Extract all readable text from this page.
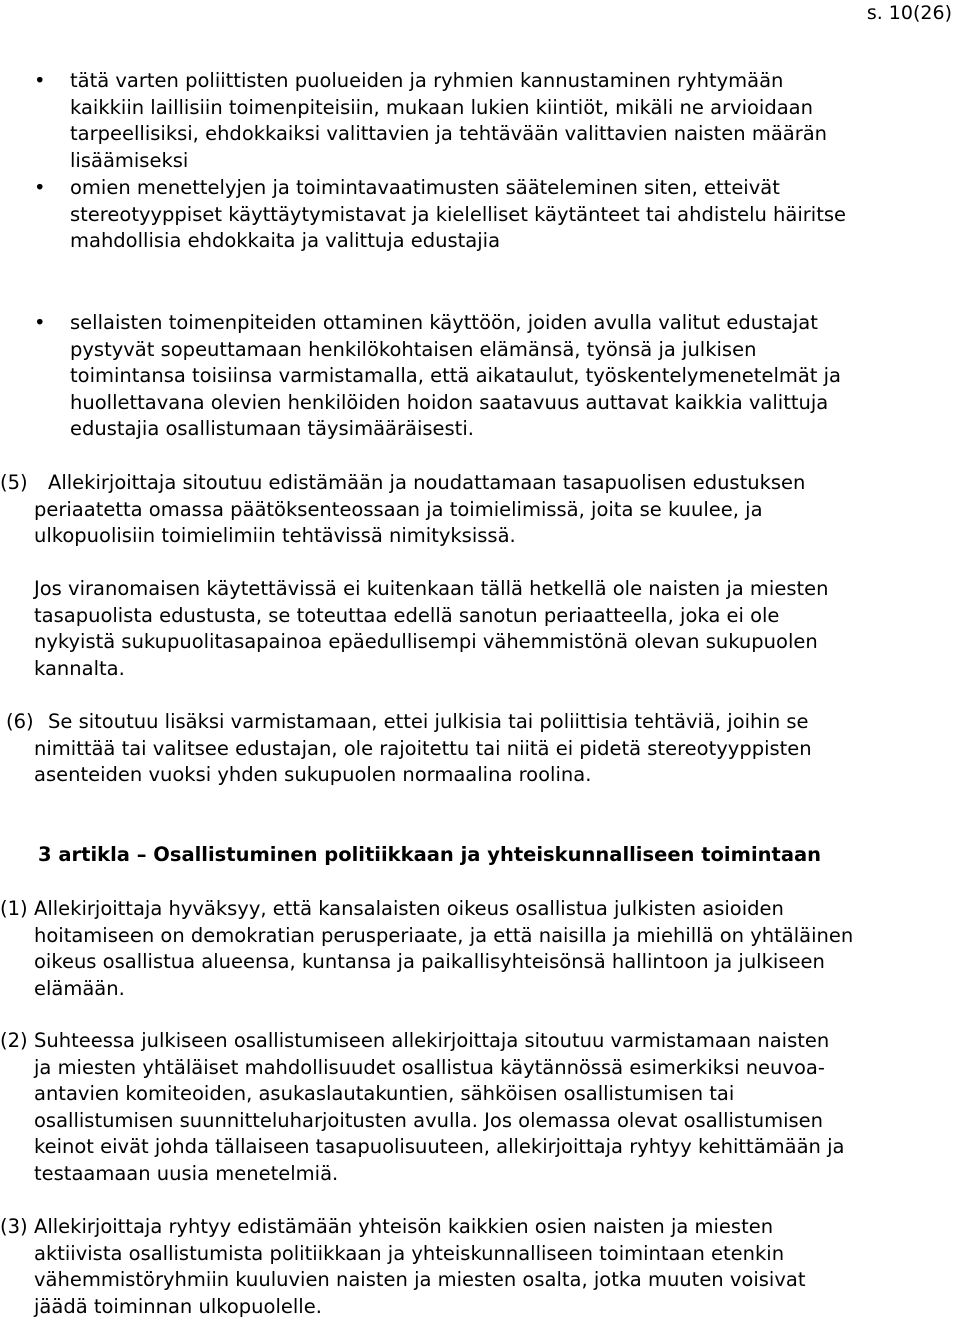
s. 10(26)
• tätä varten poliittisten puolueiden ja ryhmien kannustaminen ryhtymään
kaikkiin laillisiin toimenpiteisiin, mukaan lukien kiintiöt, mikäli ne arvioidaan
tarpeellisiksi, ehdokkaiksi valittavien ja tehtävään valittavien naisten määrän
lisäämiseksi
• omien menettelyjen ja toimintavaatimusten sääteleminen siten, etteivät
stereotyyppiset käyttäytymistavat ja kielelliset käytänteet tai ahdistelu häiritse
mahdollisia ehdokkaita ja valittuja edustajia
• sellaisten toimenpiteiden ottaminen käyttöön, joiden avulla valitut edustajat
pystyvät sopeuttamaan henkilökohtaisen elämänsä, työnsä ja julkisen
toimintansa toisiinsa varmistamalla, että aikataulut, työskentelymenetelmät ja
huollettavana olevien henkilöiden hoidon saatavuus auttavat kaikkia valittuja
edustajia osallistumaan täysimääräisesti.
(5)	Allekirjoittaja sitoutuu edistämään ja noudattamaan tasapuolisen edustuksen
periaatetta omassa päätöksenteossaan ja toimielimissä, joita se kuulee, ja
ulkopuolisiin toimielimiin tehtävissä nimityksissä.
Jos viranomaisen käytettävissä ei kuitenkaan tällä hetkellä ole naisten ja miesten
tasapuolista edustusta, se toteuttaa edellä sanotun periaatteella, joka ei ole
nykyistä sukupuolitasapainoa epäedullisempi vähemmistönä olevan sukupuolen
kannalta.
(6) Se sitoutuu lisäksi varmistamaan, ettei julkisia tai poliittisia tehtäviä, joihin se
nimittää tai valitsee edustajan, ole rajoitettu tai niitä ei pidetä stereotyyppisten
asenteiden vuoksi yhden sukupuolen normaalina roolina.
3 artikla – Osallistuminen politiikkaan ja yhteiskunnalliseen toimintaan
(1) Allekirjoittaja hyväksyy, että kansalaisten oikeus osallistua julkisten asioiden
hoitamiseen on demokratian perusperiaate, ja että naisilla ja miehillä on yhtäläinen
oikeus osallistua alueensa, kuntansa ja paikallisyhteisönsä hallintoon ja julkiseen
elämään.
(2) Suhteessa julkiseen osallistumiseen allekirjoittaja sitoutuu varmistamaan naisten
ja miesten yhtäläiset mahdollisuudet osallistua käytännössä esimerkiksi neuvoa-
antavien komiteoiden, asukaslautakuntien, sähköisen osallistumisen tai
osallistumisen suunnitteluharjoitusten avulla. Jos olemassa olevat osallistumisen
keinot eivät johda tällaiseen tasapuolisuuteen, allekirjoittaja ryhtyy kehittämään ja
testaamaan uusia menetelmiä.
(3) Allekirjoittaja ryhtyy edistämään yhteisön kaikkien osien naisten ja miesten
aktiivista osallistumista politiikkaan ja yhteiskunnalliseen toimintaan etenkin
vähemmistöryhmiin kuuluvien naisten ja miesten osalta, jotka muuten voisivat
jäädä toiminnan ulkopuolelle.
